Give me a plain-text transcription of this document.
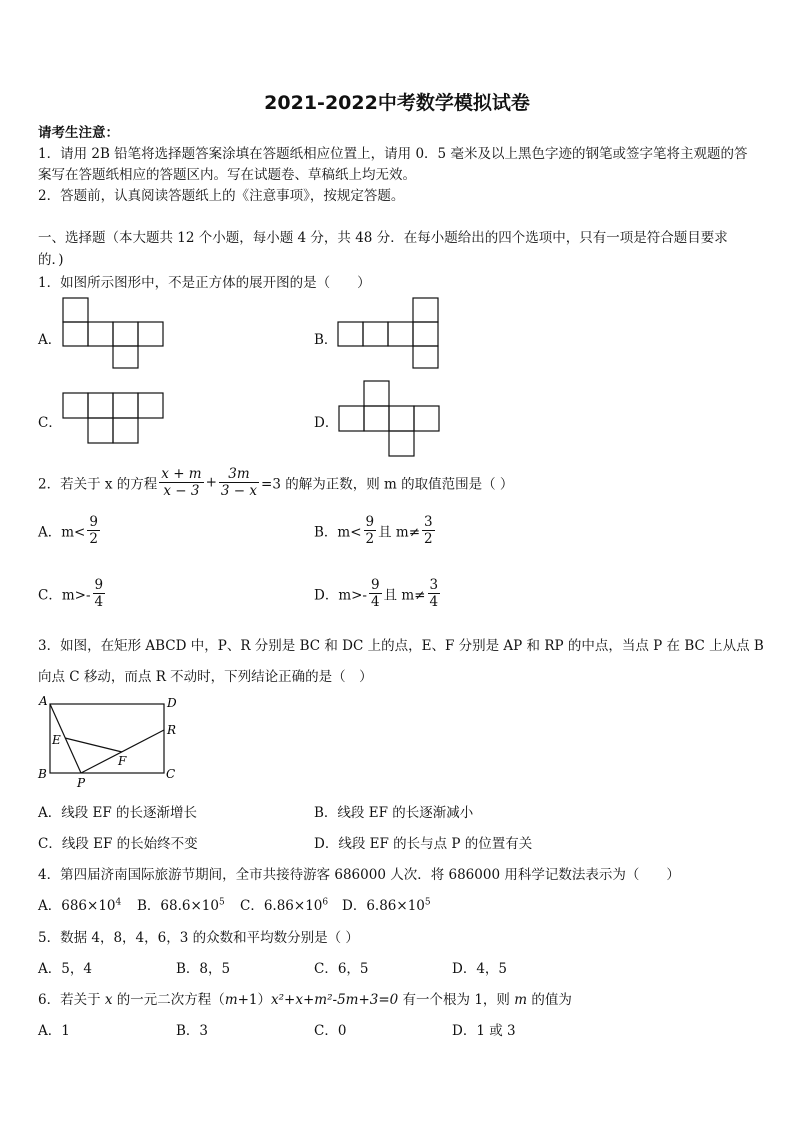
2021-2022中考数学模拟试卷
请考生注意：
1．请用 2B 铅笔将选择题答案涂填在答题纸相应位置上，请用 0．5 毫米及以上黑色字迹的钢笔或签字笔将主观题的答
案写在答题纸相应的答题区内。写在试题卷、草稿纸上均无效。
2．答题前，认真阅读答题纸上的《注意事项》，按规定答题。
一、选择题（本大题共 12 个小题，每小题 4 分，共 48 分．在每小题给出的四个选项中，只有一项是符合题目要求
的．)
1．如图所示图形中，不是正方体的展开图的是（　　）
A．	B．
C．	D．
2．若关于 x 的方程 $\frac{x + m}{x - 3} + \frac{3m}{3 - x} =3$ 的解为正数，则 m 的取值范围是（ ）
A．$m< \frac{9}{2}$	B．$m< \frac{9}{2}$ 且 $m\ne \frac{3}{2}$
C．$m>- \frac{9}{4}$	D．$m>- \frac{9}{4}$ 且 $m\ne \frac{3}{4}$
3．如图，在矩形 ABCD 中，P、R 分别是 BC 和 DC 上的点，E、F 分别是 AP 和 RP 的中点，当点 P 在 BC 上从点 B
向点 C 移动，而点 R 不动时，下列结论正确的是（　）
A	D
R
E
F
B
P
C
A．线段 EF 的长逐渐增长	B．线段 EF 的长逐渐减小
C．线段 EF 的长始终不变	D．线段 EF 的长与点 P 的位置有关
4．第四届济南国际旅游节期间，全市共接待游客 686000 人次．将 686000 用科学记数法表示为（　　）
A．$686\times 10^4$ B．$68.6\times 10^5$ C．$6.86\times 10^6$ D．$6.86\times 10^5$
5．数据 4，8，4，6，3 的众数和平均数分别是（ ）
A．5，4	B．8，5	C．6，5	D．4，5
6．若关于 x 的一元二次方程（m+1）x²+x+m²-5m+3=0 有一个根为 1，则 m 的值为
A．1	B．3	C．0	D．1 或 3
